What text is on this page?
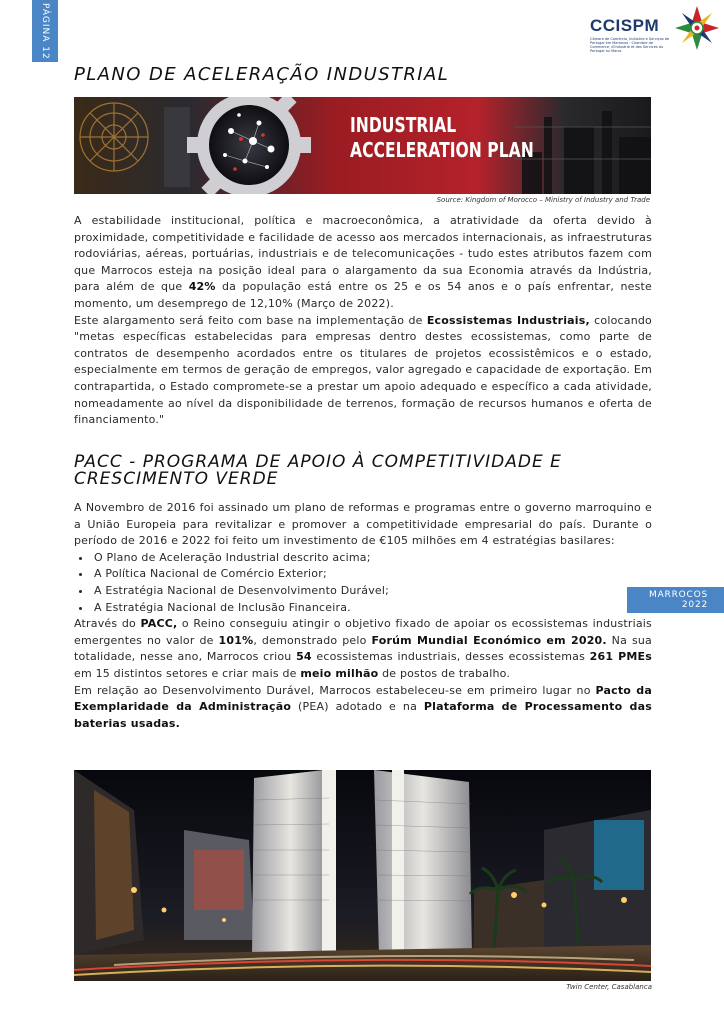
PÁGINA 12	CCISPM
Câmara de Comércio, Indústria e Serviços de Portugal em Marrocos · Chambre de Commerce, d'Industrie et des Services du Portugal au Maroc
PLANO DE ACELERAÇÃO INDUSTRIAL
INDUSTRIAL
ACCELERATION PLAN
Source: Kingdom of Morocco – Ministry of Industry and Trade

A estabilidade institucional, política e macroeconômica, a atratividade da oferta devido à proximidade, competitividade e facilidade de acesso aos mercados internacionais, as infraestruturas rodoviárias, aéreas, portuárias, industriais e de telecomunicações - tudo estes atributos fazem com que Marrocos esteja na posição ideal para o alargamento da sua Economia através da Indústria, para além de que 42% da população está entre os 25 e os 54 anos e o país enfrentar, neste momento, um desemprego de 12,10% (Março de 2022).

Este alargamento será feito com base na implementação de Ecossistemas Industriais, colocando "metas específicas estabelecidas para empresas dentro destes ecossistemas, como parte de contratos de desempenho acordados entre os titulares de projetos ecossistêmicos e o estado, especialmente em termos de geração de empregos, valor agregado e capacidade de exportação. Em contrapartida, o Estado compromete-se a prestar um apoio adequado e específico a cada atividade, nomeadamente ao nível da disponibilidade de terrenos, formação de recursos humanos e oferta de financiamento."

PACC - PROGRAMA DE APOIO À COMPETITIVIDADE E CRESCIMENTO VERDE

A Novembro de 2016 foi assinado um plano de reformas e programas entre o governo marroquino e a União Europeia para revitalizar e promover a competitividade empresarial do país. Durante o período de 2016 e 2022 foi feito um investimento de €105 milhões em 4 estratégias basilares:

• O Plano de Aceleração Industrial descrito acima;
• A Política Nacional de Comércio Exterior;
• A Estratégia Nacional de Desenvolvimento Durável;
• A Estratégia Nacional de Inclusão Financeira.

Através do PACC, o Reino conseguiu atingir o objetivo fixado de apoiar os ecossistemas industriais emergentes no valor de 101%, demonstrado pelo Forúm Mundial Económico em 2020. Na sua totalidade, nesse ano, Marrocos criou 54 ecossistemas industriais, desses ecossistemas 261 PMEs em 15 distintos setores e criar mais de meio milhão de postos de trabalho.

Em relação ao Desenvolvimento Durável, Marrocos estabeleceu-se em primeiro lugar no Pacto da Exemplaridade da Administração (PEA) adotado e na Plataforma de Processamento das baterias usadas.

MARROCOS
2022
Twin Center, Casablanca
